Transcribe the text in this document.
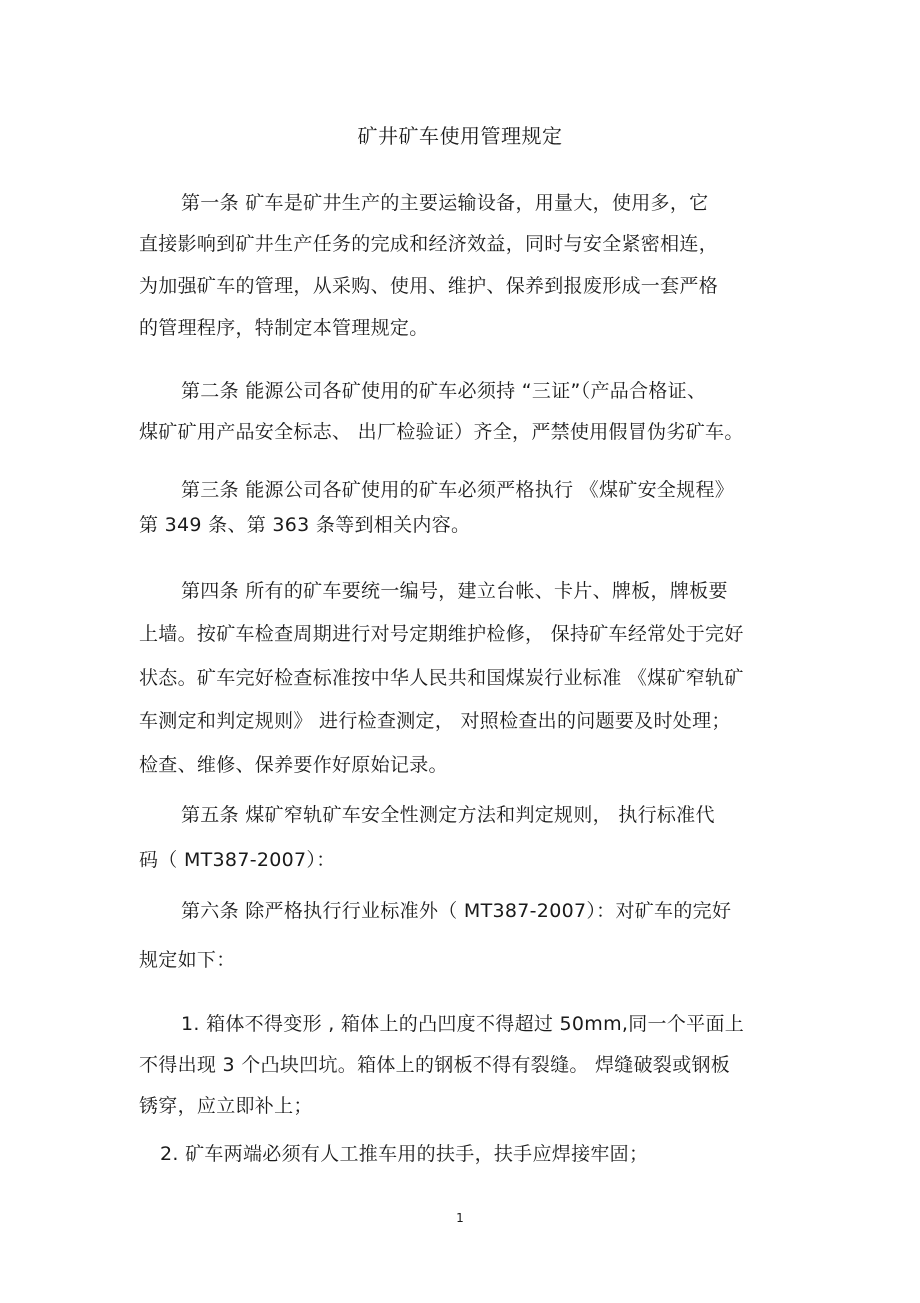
矿井矿车使用管理规定
第一条 矿车是矿井生产的主要运输设备，用量大，使用多，它
直接影响到矿井生产任务的完成和经济效益，同时与安全紧密相连，
为加强矿车的管理，从采购、使用、维护、保养到报废形成一套严格
的管理程序，特制定本管理规定。
第二条 能源公司各矿使用的矿车必须持 “三证”（产品合格证、
煤矿矿用产品安全标志、 出厂检验证）齐全，严禁使用假冒伪劣矿车。
第三条 能源公司各矿使用的矿车必须严格执行 《煤矿安全规程》
第 349 条、第 363 条等到相关内容。
第四条 所有的矿车要统一编号，建立台帐、卡片、牌板，牌板要
上墙。按矿车检查周期进行对号定期维护检修， 保持矿车经常处于完好
状态。矿车完好检查标准按中华人民共和国煤炭行业标准 《煤矿窄轨矿
车测定和判定规则》 进行检查测定， 对照检查出的问题要及时处理；
检查、维修、保养要作好原始记录。
第五条 煤矿窄轨矿车安全性测定方法和判定规则， 执行标准代
码（ MT387-2007）：
第六条 除严格执行行业标准外（ MT387-2007）：对矿车的完好
规定如下：
1. 箱体不得变形 , 箱体上的凸凹度不得超过 50mm,同一个平面上
不得出现 3 个凸块凹坑。箱体上的钢板不得有裂缝。 焊缝破裂或钢板
锈穿，应立即补上；
2. 矿车两端必须有人工推车用的扶手，扶手应焊接牢固；
1
